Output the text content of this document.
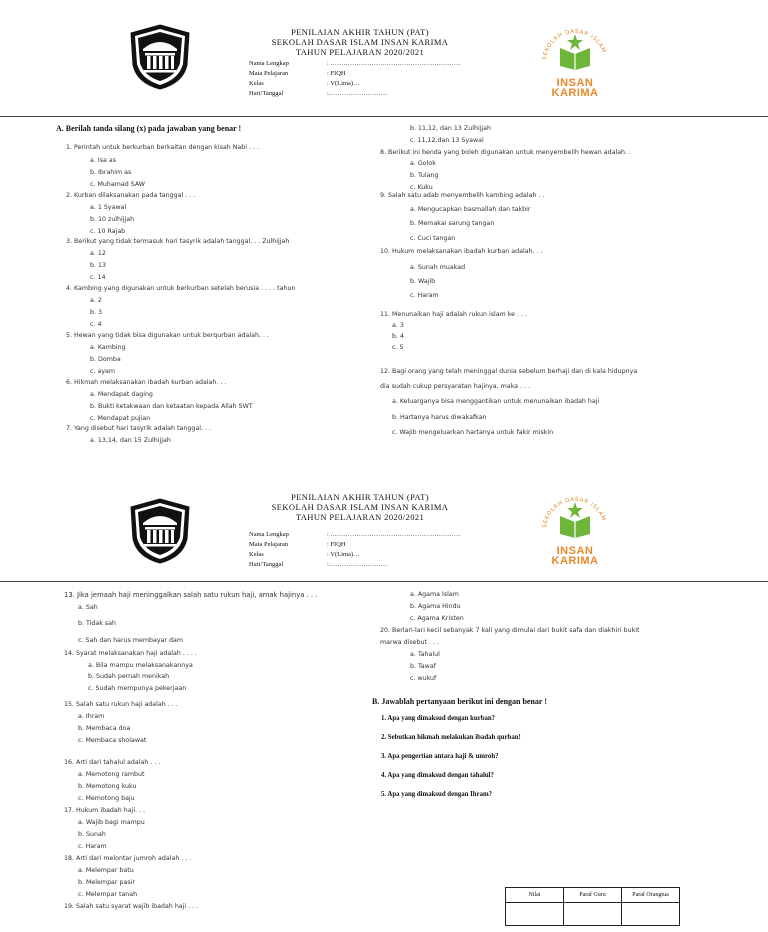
PENILAIAN AKHIR TAHUN (PAT)
SEKOLAH DASAR ISLAM INSAN KARIMA
TAHUN PELAJARAN 2020/2021
Nama Lengkap	: ……………………………………………………
Mata Pelajaran	: FIQH
Kelas	: V(Lima)…
Hari/Tanggal	:………………………
SEKOLAH DASAR ISLAM
INSAN
KARIMA
A. Berilah tanda silang (x) pada jawaban yang benar !
1. Perintah untuk berkurban berkaitan dengan kisah Nabi . . .
a. Isa as
b. Ibrahim as
c. Muhamad SAW
2. Kurban dilaksanakan pada tanggal . . .
a. 1 Syawal
b. 10 zulhijjah
c. 10 Rajab
3. Berikut yang tidak termasuk hari tasyrik adalah tanggal. . . Zulhijjah
a. 12
b. 13
c. 14
4. Kambing yang digunakan untuk berkurban setelah berusia . . . . tahun
a. 2
b. 3
c. 4
5. Hewan yang tidak bisa digunakan untuk berqurban adalah. . .
a. Kambing
b. Domba
c. ayam
6. Hikmah melaksanakan ibadah kurban adalah. . .
a. Mendapat daging
b. Bukti ketakwaan dan ketaatan kepada Allah SWT
c. Mendapat pujian
7. Yang disebut hari tasyrik adalah tanggal. . .
a. 13,14, dan 15 Zulhijjah
b. 11,12, dan 13 Zulhijjah
c. 11,12,dan 13 Syawal
8. Berikut ini benda yang boleh digunakan untuk menyembelih hewan adalah. .
a. Golok
b. Tulang
c. Kuku
9. Salah satu adab menyembelih kambing adalah . .
a. Mengucapkan basmallah dan takbir
b. Memakai sarung tangan
c. Cuci tangan
10. Hukum melaksanakan ibadah kurban adalah. . .
a. Sunah muakad
b. Wajib
c. Haram
11. Menunaikan haji adalah rukun islam ke . . .
a. 3
b. 4
c. 5
12. Bagi orang yang telah meninggal dunia sebelum berhaji dan di kala hidupnya
dia sudah cukup persyaratan hajinya, maka . . .
a. Keluarganya bisa menggantikan untuk menunaikan ibadah haji
b. Hartanya harus diwakafkan
c. Wajib mengeluarkan hartanya untuk fakir miskin
PENILAIAN AKHIR TAHUN (PAT)
SEKOLAH DASAR ISLAM INSAN KARIMA
TAHUN PELAJARAN 2020/2021
Nama Lengkap	: ……………………………………………………
Mata Pelajaran	: FIQH
Kelas	: V(Lima)…
Hari/Tanggal	:………………………
SEKOLAH DASAR ISLAM
INSAN
KARIMA
13. Jika jemaah haji meninggalkan salah satu rukun haji, amak hajinya . . .
a. Sah
b. Tidak sah
c. Sah dan harus membayar dam
14. Syarat melaksanakan haji adalah . . . .
a. Bila mampu melaksanakannya
b. Sudah pernah menikah
c. Sudah mempunya pekerjaan
15. Salah satu rukun haji adalah . . .
a. Ihram
b. Membaca doa
c. Membaca sholawat
16. Arti dari tahalul adalah . . .
a. Memotong rambut
b. Memotong kuku
c. Memotong baju
17. Hukum ibadah haji. . .
a. Wajib bagi mampu
b. Sunah
c. Haram
18. Arti dari melontar jumroh adalah . . .
a. Melempar batu
b. Melempar pasir
c. Melempar tanah
19. Salah satu syarat wajib ibadah haji . . .
a. Agama Islam
b. Agama Hindu
c. Agama Kristen
20. Berlari-lari kecil sebanyak 7 kali yang dimulai dari bukit safa dan diakhiri bukit
marwa disebut . . .
a. Tahalul
b. Tawaf
c. wukuf
B. Jawablah pertanyaan berikut ini dengan benar !
1. Apa yang dimaksud dengan kurban?
2. Sebutkan hikmah melakukan ibadah qurban!
3. Apa pengertian antara haji & umroh?
4. Apa yang dimaksud dengan tahalul?
5. Apa yang dimaksud dengan Ihram?
Nilai	Paraf Guru	Paraf Orangtua
